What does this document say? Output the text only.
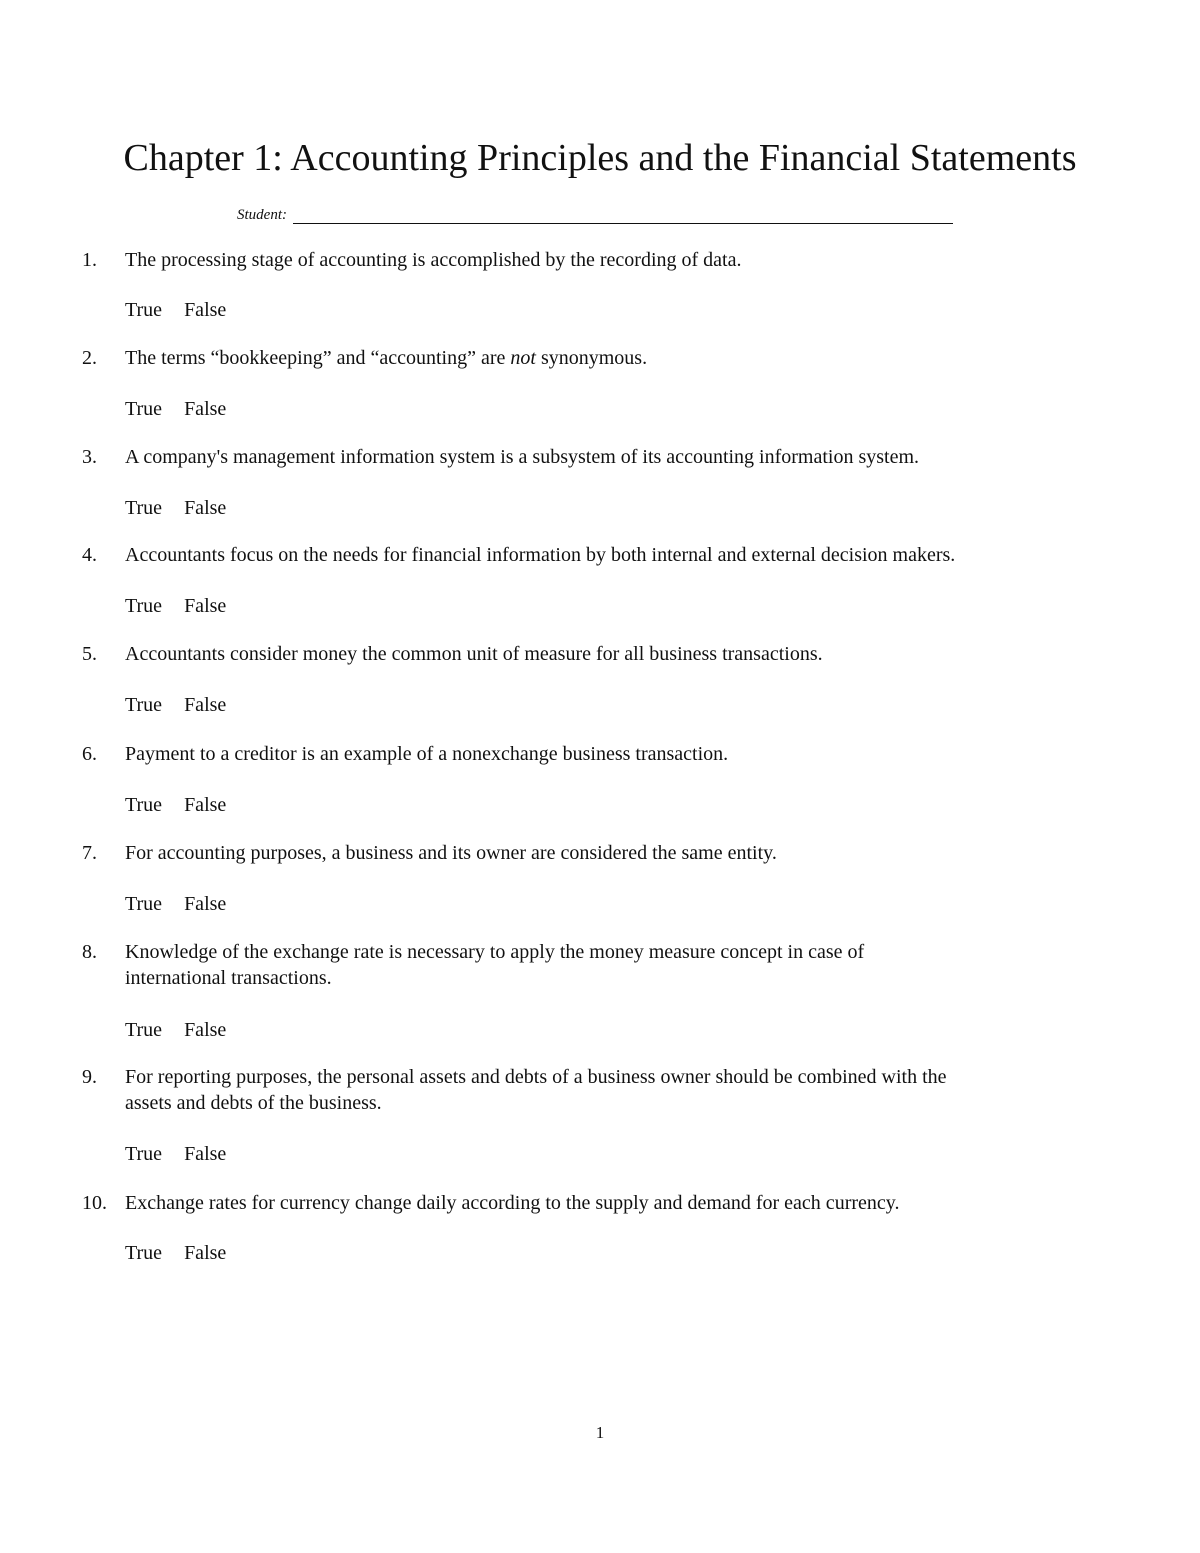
Chapter 1: Accounting Principles and the Financial Statements
Student:
1.	The processing stage of accounting is accomplished by the recording of data.
True False
2.	The terms “bookkeeping” and “accounting” are not synonymous.
True False
3.	A company's management information system is a subsystem of its accounting information system.
True False
4.	Accountants focus on the needs for financial information by both internal and external decision makers.
True False
5.	Accountants consider money the common unit of measure for all business transactions.
True False
6.	Payment to a creditor is an example of a nonexchange business transaction.
True False
7.	For accounting purposes, a business and its owner are considered the same entity.
True False
8.	Knowledge of the exchange rate is necessary to apply the money measure concept in case of
international transactions.
True False
9.	For reporting purposes, the personal assets and debts of a business owner should be combined with the
assets and debts of the business.
True False
10. Exchange rates for currency change daily according to the supply and demand for each currency.
True False
1
